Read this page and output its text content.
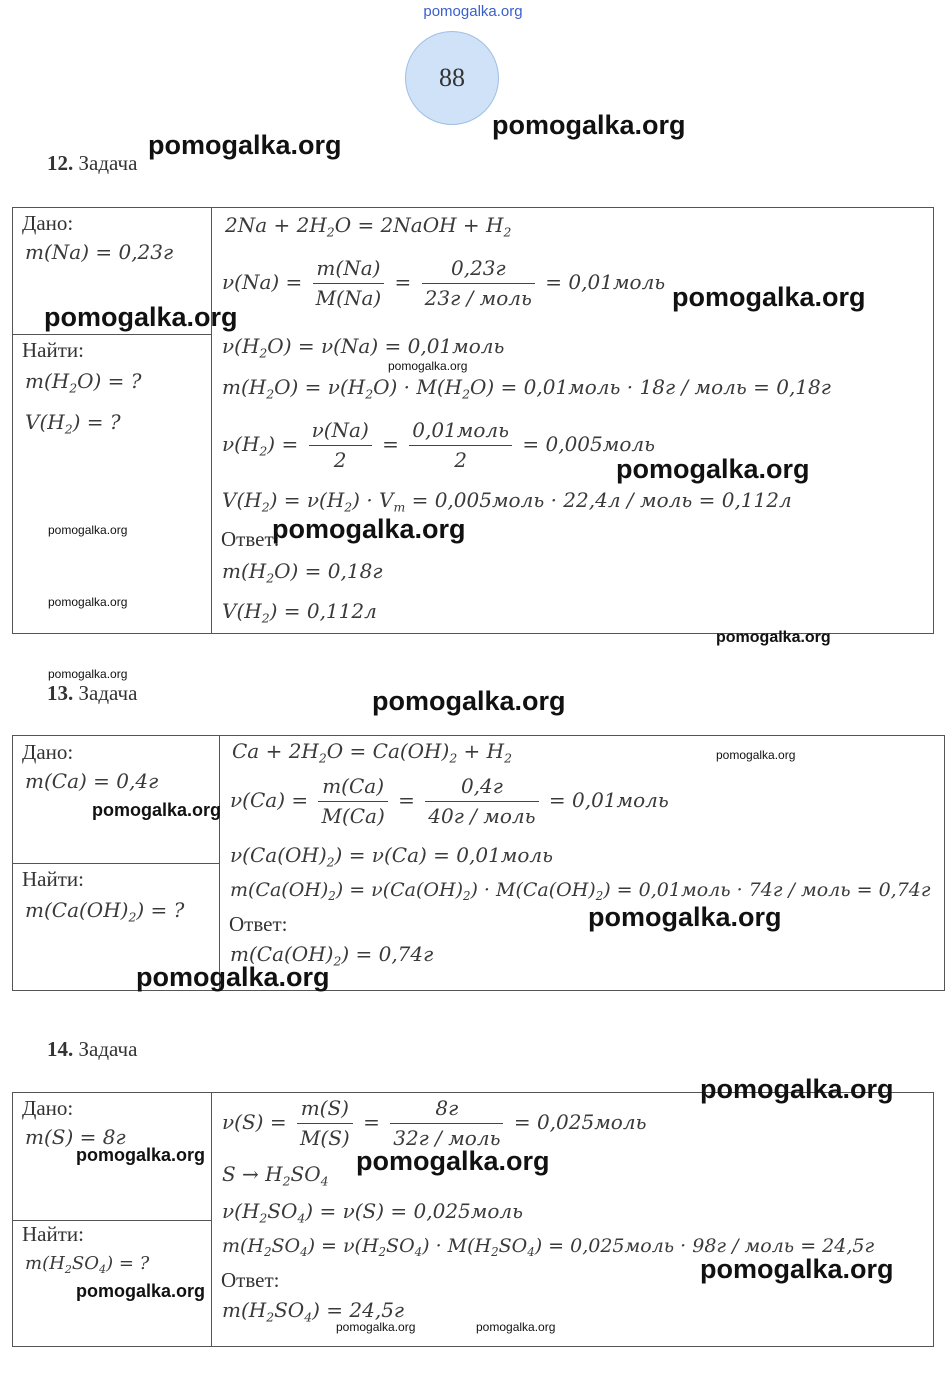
pomogalka.org
88
12. Задача
Дано:
m(Na) = 0,23г
Найти:
$m(H_2O)$ = ?
$V(H_2)$ = ?
$2Na + 2H_2O$ = 2NaOH + $H_2$
$\nu(Na) = \frac{m(Na)}{M(Na)} = \frac{0,23г}{\text{23г / моль}}$ = 0,01моль
$\nu(H_2O) = \nu(Na)$ = 0,01моль
$m(H_2O) = \nu(H_2O) \cdot M(H_2O)$ = 0,01моль · 18г / моль = 0,18г
$\nu(H_2) = \frac{\nu(Na)}{2} = \frac{\text{0,01моль}}{2}$ = 0,005моль
$V(H_2) = \nu(H_2) \cdot V_m$ = 0,005моль · 22,4л / моль = 0,112л
Ответ:
$m(H_2O) = 0,18г$
$V(H_2) = 0,112л$
13. Задача
Дано:
m(Ca) = 0,4г
Найти:
$m(Ca(OH)_2)$ = ?
$Ca + 2H_2O = Ca(OH)_2 + H_2$
$\nu(Ca) = \frac{m(Ca)}{M(Ca)} = \frac{0,4г}{\text{40г / моль}}$ = 0,01моль
$\nu(Ca(OH)_2) = \nu(Ca)$ = 0,01моль
$m(Ca(OH)_2) = \nu(Ca(OH)_2) \cdot M(Ca(OH)_2)$ = 0,01моль · 74г / моль = 0,74г
Ответ:
$m(Ca(OH)_2) = 0,74г$
14. Задача
Дано:
m(S) = 8г
Найти:
$m(H_2SO_4)$ = ?
$\nu(S) = \frac{m(S)}{M(S)} = \frac{8г}{\text{32г / моль}}$ = 0,025моль
$S \to H_2SO_4$
$\nu(H_2SO_4) = \nu(S)$ = 0,025моль
$m(H_2SO_4) = \nu(H_2SO_4) \cdot M(H_2SO_4)$ = 0,025моль · 98г / моль = 24,5г
Ответ:
$m(H_2SO_4) = 24,5г$
pomogalka.org
pomogalka.org
pomogalka.org
pomogalka.org
pomogalka.org
pomogalka.org
pomogalka.org	pomogalka.org
pomogalka.org
pomogalka.org
pomogalka.org
pomogalka.org
pomogalka.org
pomogalka.org
pomogalka.org
pomogalka.org
pomogalka.org
pomogalka.org	pomogalka.org
pomogalka.org
pomogalka.org
pomogalka.org	pomogalka.org
